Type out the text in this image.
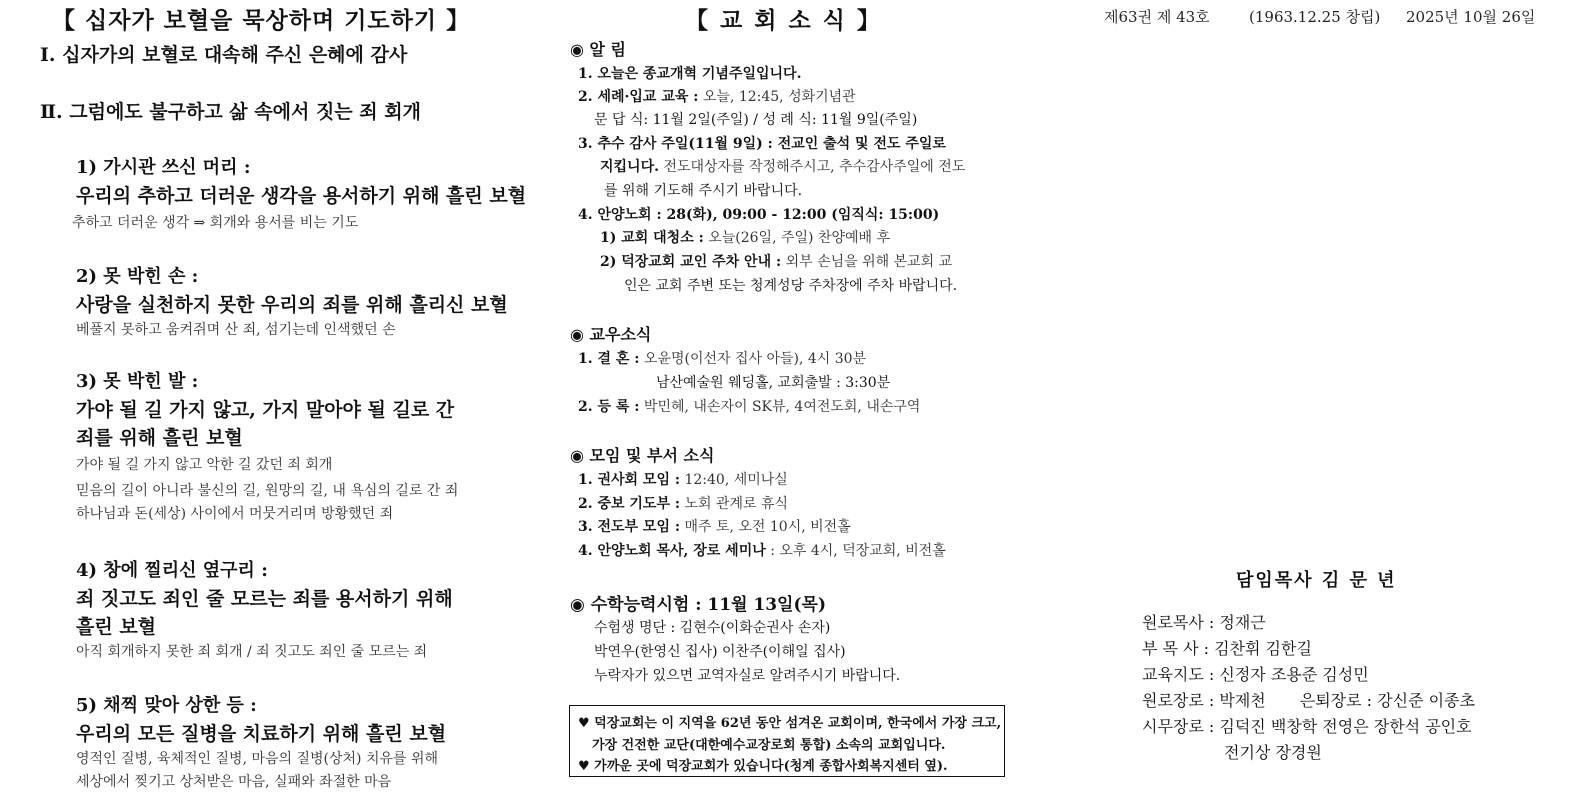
【 십자가 보혈을 묵상하며 기도하기 】
Ⅰ. 십자가의 보혈로 대속해 주신 은혜에 감사
Ⅱ. 그럼에도 불구하고 삶 속에서 짓는 죄 회개
1) 가시관 쓰신 머리 :
우리의 추하고 더러운 생각을 용서하기 위해 흘린 보혈
추하고 더러운 생각 ⇒ 회개와 용서를 비는 기도
2) 못 박힌 손 :
사랑을 실천하지 못한 우리의 죄를 위해 흘리신 보혈
베풀지 못하고 움켜쥐며 산 죄, 섬기는데 인색했던 손
3) 못 박힌 발 :
가야 될 길 가지 않고, 가지 말아야 될 길로 간
죄를 위해 흘린 보혈
가야 될 길 가지 않고 악한 길 갔던 죄 회개
믿음의 길이 아니라 불신의 길, 원망의 길, 내 욕심의 길로 간 죄
하나님과 돈(세상) 사이에서 머뭇거리며 방황했던 죄
4) 창에 찔리신 옆구리 :
죄 짓고도 죄인 줄 모르는 죄를 용서하기 위해
흘린 보혈
아직 회개하지 못한 죄 회개 / 죄 짓고도 죄인 줄 모르는 죄
5) 채찍 맞아 상한 등 :
우리의 모든 질병을 치료하기 위해 흘린 보혈
영적인 질병, 육체적인 질병, 마음의 질병(상처) 치유를 위해
세상에서 찢기고 상처받은 마음, 실패와 좌절한 마음
【 교 회 소 식 】
◉ 알 림
1. 오늘은 종교개혁 기념주일입니다.
2. 세례·입교 교육 : 오늘, 12:45, 성화기념관
문 답 식: 11월 2일(주일) / 성 례 식: 11월 9일(주일)
3. 추수 감사 주일(11월 9일) : 전교인 출석 및 전도 주일로
지킵니다. 전도대상자를 작정해주시고, 추수감사주일에 전도
를 위해 기도해 주시기 바랍니다.
4. 안양노회 : 28(화), 09:00 - 12:00 (임직식: 15:00)
1) 교회 대청소 : 오늘(26일, 주일) 찬양예배 후
2) 덕장교회 교인 주차 안내 : 외부 손님을 위해 본교회 교
인은 교회 주변 또는 청계성당 주차장에 주차 바랍니다.
◉ 교우소식
1. 결 혼 : 오윤명(이선자 집사 아들), 4시 30분
남산예술원 웨딩홀, 교회출발 : 3:30분
2. 등 록 : 박민혜, 내손자이 SK뷰, 4여전도회, 내손구역
◉ 모임 및 부서 소식
1. 권사회 모임 : 12:40, 세미나실
2. 중보 기도부 : 노회 관계로 휴식
3. 전도부 모임 : 매주 토, 오전 10시, 비전홀
4. 안양노회 목사, 장로 세미나 : 오후 4시, 덕장교회, 비전홀
◉ 수학능력시험 : 11월 13일(목)
수험생 명단 : 김현수(이화순권사 손자)
박연우(한영신 집사) 이찬주(이해일 집사)
누락자가 있으면 교역자실로 알려주시기 바랍니다.
♥ 덕장교회는 이 지역을 62년 동안 섬겨온 교회이며, 한국에서 가장 크고,
가장 건전한 교단(대한예수교장로회 통합) 소속의 교회입니다.
♥ 가까운 곳에 덕장교회가 있습니다(청계 종합사회복지센터 옆).
제63권 제 43호	(1963.12.25 창립) 2025년 10월 26일
담임목사 김 문 년
원로목사 : 정재근
부 목 사 : 김찬휘 김한길
교육지도 : 신정자 조용준 김성민
원로장로 : 박제천 은퇴장로 : 강신준 이종초
시무장로 : 김덕진 백창학 전영은 장한석 공인호
전기상 장경원
